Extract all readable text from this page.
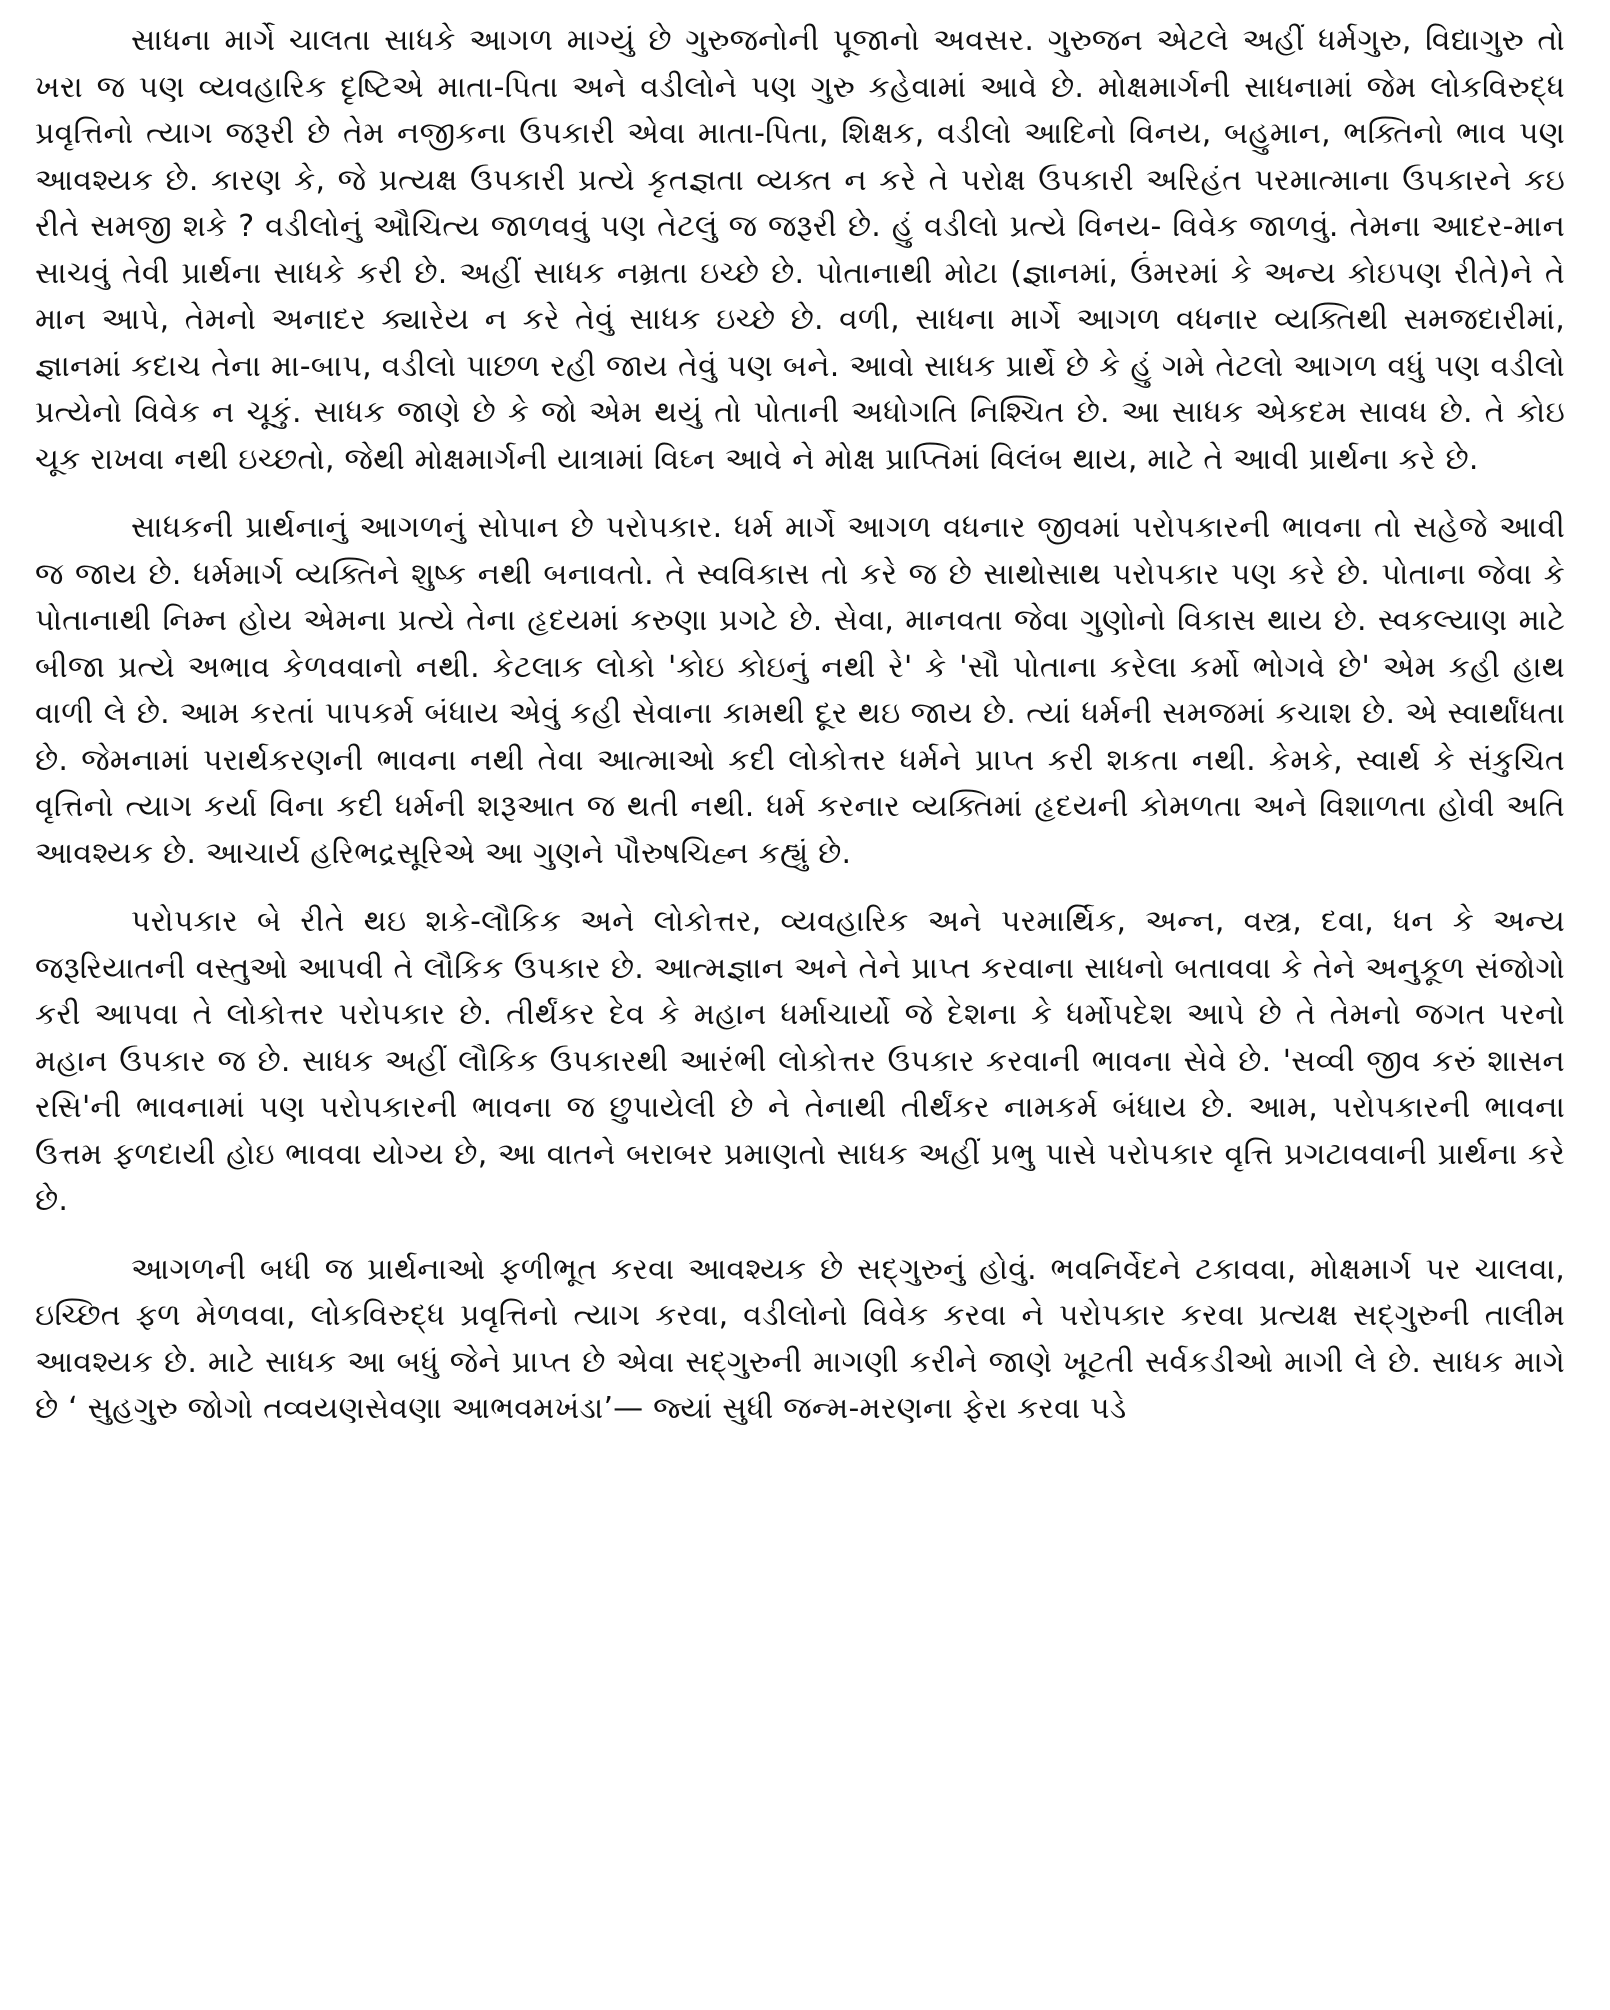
સાધના માર્ગે ચાલતા સાધકે આગળ માગ્યું છે ગુરુજનોની પૂજાનો અવસર. ગુરુજન એટલે અહીં ધર્મગુરુ, વિદ્યાગુરુ તો ખરા જ પણ વ્યવહારિક દૃષ્ટિએ માતા-પિતા અને વડીલોને પણ ગુરુ કહેવામાં આવે છે. મોક્ષમાર્ગની સાધનામાં જેમ લોકવિરુદ્ધ પ્રવૃત્તિનો ત્યાગ જરૂરી છે તેમ નજીકના ઉપકારી એવા માતા-પિતા, શિક્ષક, વડીલો આદિનો વિનય, બહુમાન, ભક્તિનો ભાવ પણ આવશ્યક છે. કારણ કે, જે પ્રત્યક્ષ ઉપકારી પ્રત્યે કૃતજ્ઞતા વ્યક્ત ન કરે તે પરોક્ષ ઉપકારી અરિહંત પરમાત્માના ઉપકારને કઇ રીતે સમજી શકે ? વડીલોનું ઔચિત્ય જાળવવું પણ તેટલું જ જરૂરી છે. હું વડીલો પ્રત્યે વિનય- વિવેક જાળવું. તેમના આદર-માન સાચવું તેવી પ્રાર્થના સાધકે કરી છે. અહીં સાધક નમ્રતા ઇચ્છે છે. પોતાનાથી મોટા (જ્ઞાનમાં, ઉંમરમાં કે અન્ય કોઇપણ રીતે)ને તે માન આપે, તેમનો અનાદર ક્યારેય ન કરે તેવું સાધક ઇચ્છે છે. વળી, સાધના માર્ગે આગળ વધનાર વ્યક્તિથી સમજદારીમાં, જ્ઞાનમાં કદાચ તેના મા-બાપ, વડીલો પાછળ રહી જાય તેવું પણ બને. આવો સાધક પ્રાર્થે છે કે હું ગમે તેટલો આગળ વધું પણ વડીલો પ્રત્યેનો વિવેક ન ચૂકું. સાધક જાણે છે કે જો એમ થયું તો પોતાની અધોગતિ નિશ્ચિત છે. આ સાધક એકદમ સાવધ છે. તે કોઇ ચૂક રાખવા નથી ઇચ્છતો, જેથી મોક્ષમાર્ગની યાત્રામાં વિઘ્ન આવે ને મોક્ષ પ્રાપ્તિમાં વિલંબ થાય, માટે તે આવી પ્રાર્થના કરે છે.

સાધકની પ્રાર્થનાનું આગળનું સોપાન છે પરોપકાર. ધર્મ માર્ગે આગળ વધનાર જીવમાં પરોપકારની ભાવના તો સહેજે આવી જ જાય છે. ધર્મમાર્ગ વ્યક્તિને શુષ્ક નથી બનાવતો. તે સ્વવિકાસ તો કરે જ છે સાથોસાથ પરોપકાર પણ કરે છે. પોતાના જેવા કે પોતાનાથી નિમ્ન હોય એમના પ્રત્યે તેના હૃદયમાં કરુણા પ્રગટે છે. સેવા, માનવતા જેવા ગુણોનો વિકાસ થાય છે. સ્વકલ્યાણ માટે બીજા પ્રત્યે અભાવ કેળવવાનો નથી. કેટલાક લોકો 'કોઇ કોઇનું નથી રે' કે 'સૌ પોતાના કરેલા કર્મો ભોગવે છે' એમ કહી હાથ વાળી લે છે. આમ કરતાં પાપકર્મ બંધાય એવું કહી સેવાના કામથી દૂર થઇ જાય છે. ત્યાં ધર્મની સમજમાં કચાશ છે. એ સ્વાર્થાંધતા છે. જેમનામાં પરાર્થકરણની ભાવના નથી તેવા આત્માઓ કદી લોકોત્તર ધર્મને પ્રાપ્ત કરી શકતા નથી. કેમકે, સ્વાર્થ કે સંકુચિત વૃત્તિનો ત્યાગ કર્યા વિના કદી ધર્મની શરૂઆત જ થતી નથી. ધર્મ કરનાર વ્યક્તિમાં હૃદયની કોમળતા અને વિશાળતા હોવી અતિ આવશ્યક છે. આચાર્ય હરિભદ્રસૂરિએ આ ગુણને પૌરુષચિહ્ન કહ્યું છે.

પરોપકાર બે રીતે થઇ શકે-લૌકિક અને લોકોત્તર, વ્યવહારિક અને પરમાર્થિક, અન્ન, વસ્ત્ર, દવા, ધન કે અન્ય જરૂરિયાતની વસ્તુઓ આપવી તે લૌકિક ઉપકાર છે. આત્મજ્ઞાન અને તેને પ્રાપ્ત કરવાના સાધનો બતાવવા કે તેને અનુકૂળ સંજોગો કરી આપવા તે લોકોત્તર પરોપકાર છે. તીર્થંકર દેવ કે મહાન ધર્માચાર્યો જે દેશના કે ધર્મોપદેશ આપે છે તે તેમનો જગત પરનો મહાન ઉપકાર જ છે. સાધક અહીં લૌકિક ઉપકારથી આરંભી લોકોત્તર ઉપકાર કરવાની ભાવના સેવે છે. 'સવ્વી જીવ કરું શાસન રસિ'ની ભાવનામાં પણ પરોપકારની ભાવના જ છુપાયેલી છે ને તેનાથી તીર્થંકર નામકર્મ બંધાય છે. આમ, પરોપકારની ભાવના ઉત્તમ ફળદાયી હોઇ ભાવવા યોગ્ય છે, આ વાતને બરાબર પ્રમાણતો સાધક અહીં પ્રભુ પાસે પરોપકાર વૃત્તિ પ્રગટાવવાની પ્રાર્થના કરે છે.

આગળની બધી જ પ્રાર્થનાઓ ફળીભૂત કરવા આવશ્યક છે સદ્‌ગુરુનું હોવું. ભવનિર્વેદને ટકાવવા, મોક્ષમાર્ગ પર ચાલવા, ઇચ્છિત ફળ મેળવવા, લોકવિરુદ્ધ પ્રવૃત્તિનો ત્યાગ કરવા, વડીલોનો વિવેક કરવા ને પરોપકાર કરવા પ્રત્યક્ષ સદ્‌ગુરુની તાલીમ આવશ્યક છે. માટે સાધક આ બધું જેને પ્રાપ્ત છે એવા સદ્‌ગુરુની માગણી કરીને જાણે ખૂટતી સર્વકડીઓ માગી લે છે. સાધક માગે છે ‘ સુહગુરુ જોગો તવ્વયણસેવણા આભવમખંડા’— જ્યાં સુધી જન્મ-મરણના ફેરા કરવા પડે
